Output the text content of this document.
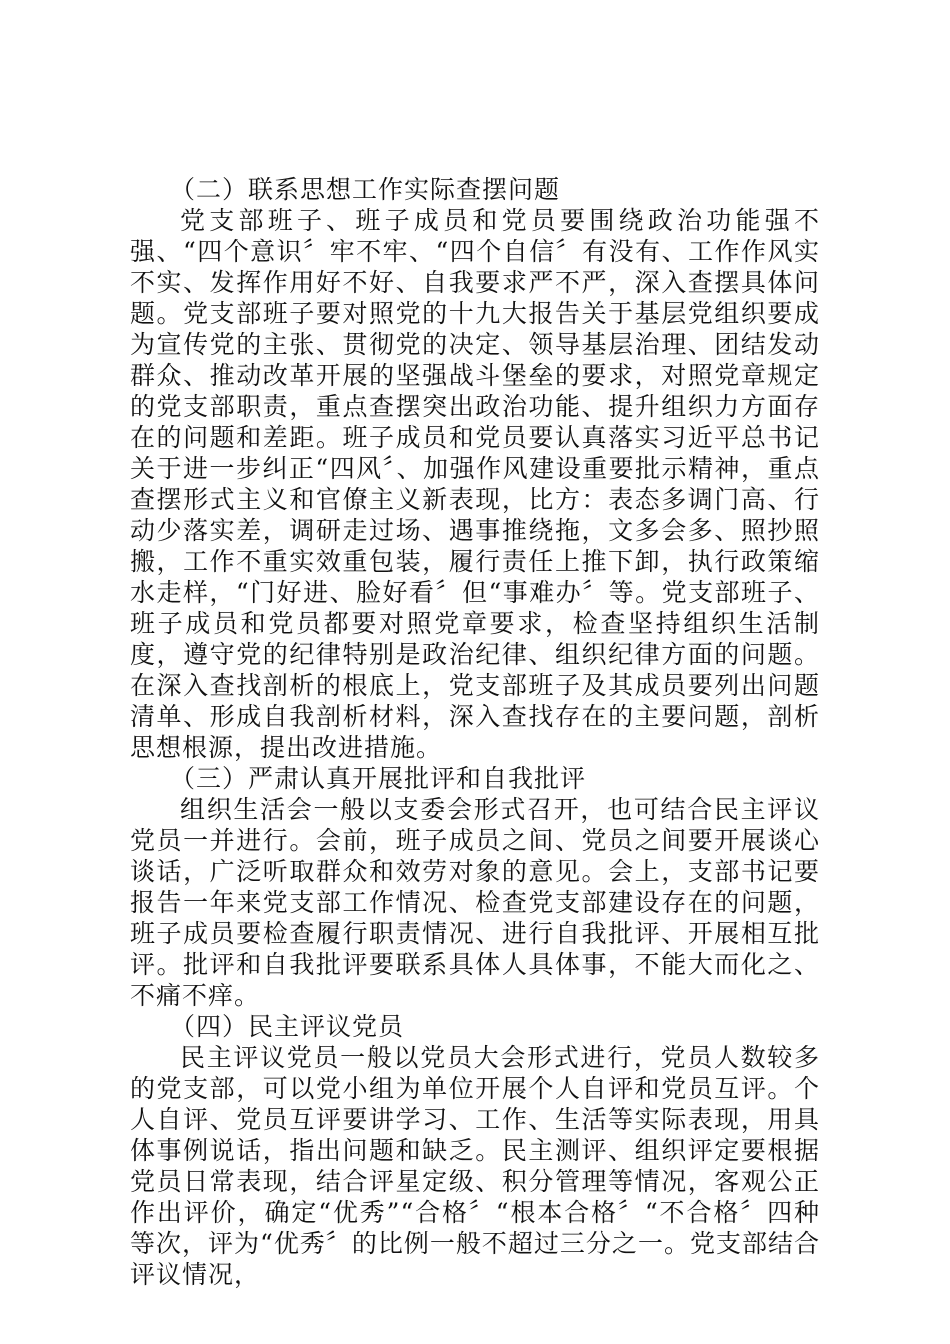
（二）联系思想工作实际查摆问题

党支部班子、班子成员和党员要围绕政治功能强不强、“四个意识〞牢不牢、“四个自信〞有没有、工作作风实不实、发挥作用好不好、自我要求严不严，深入查摆具体问题。党支部班子要对照党的十九大报告关于基层党组织要成为宣传党的主张、贯彻党的决定、领导基层治理、团结发动群众、推动改革开展的坚强战斗堡垒的要求，对照党章规定的党支部职责，重点查摆突出政治功能、提升组织力方面存在的问题和差距。班子成员和党员要认真落实习近平总书记关于进一步纠正“四风〞、加强作风建设重要批示精神，重点查摆形式主义和官僚主义新表现，比方：表态多调门高、行动少落实差，调研走过场、遇事推绕拖，文多会多、照抄照搬，工作不重实效重包装，履行责任上推下卸，执行政策缩水走样，“门好进、脸好看〞但“事难办〞等。党支部班子、班子成员和党员都要对照党章要求，检查坚持组织生活制度，遵守党的纪律特别是政治纪律、组织纪律方面的问题。在深入查找剖析的根底上，党支部班子及其成员要列出问题清单、形成自我剖析材料，深入查找存在的主要问题，剖析思想根源，提出改进措施。

（三）严肃认真开展批评和自我批评

组织生活会一般以支委会形式召开，也可结合民主评议党员一并进行。会前，班子成员之间、党员之间要开展谈心谈话，广泛听取群众和效劳对象的意见。会上，支部书记要报告一年来党支部工作情况、检查党支部建设存在的问题，班子成员要检查履行职责情况、进行自我批评、开展相互批评。批评和自我批评要联系具体人具体事，不能大而化之、不痛不痒。

（四）民主评议党员

民主评议党员一般以党员大会形式进行，党员人数较多的党支部，可以党小组为单位开展个人自评和党员互评。个人自评、党员互评要讲学习、工作、生活等实际表现，用具体事例说话，指出问题和缺乏。民主测评、组织评定要根据党员日常表现，结合评星定级、积分管理等情况，客观公正作出评价，确定“优秀”“合格〞“根本合格〞“不合格〞四种等次，评为“优秀〞的比例一般不超过三分之一。党支部结合评议情况，
